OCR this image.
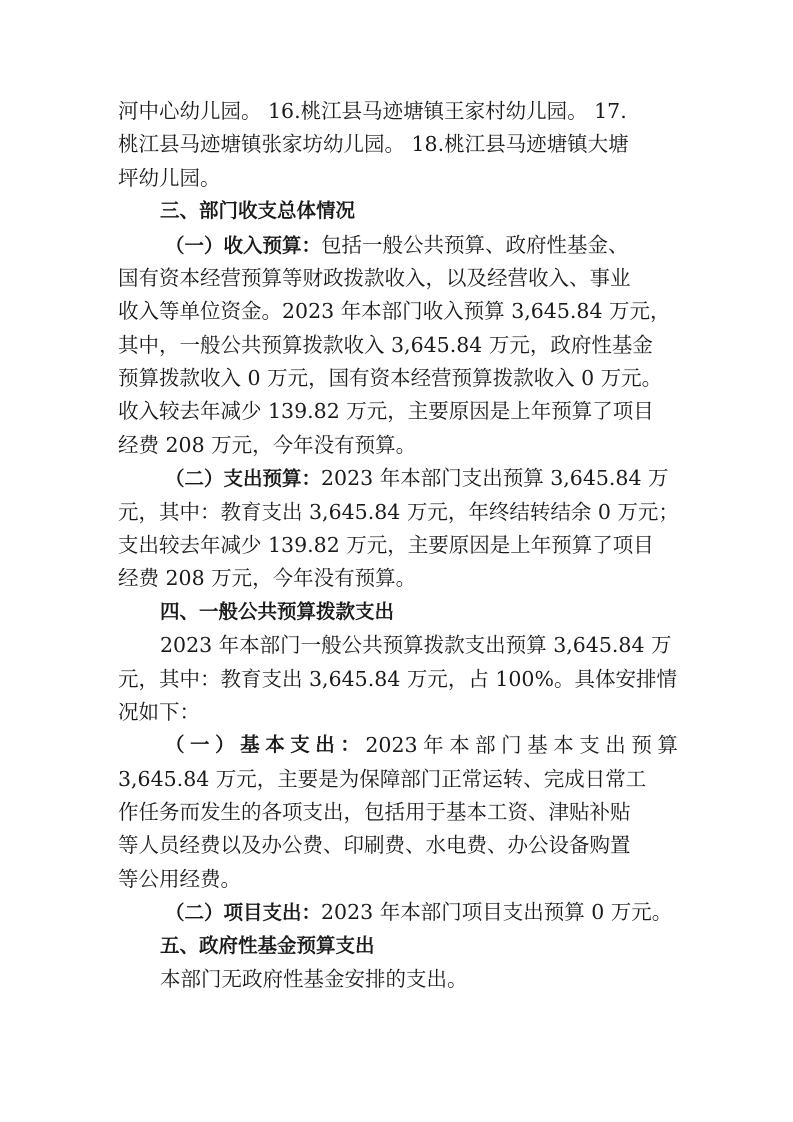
河中心幼儿园。 16.桃江县马迹塘镇王家村幼儿园。 17.
桃江县马迹塘镇张家坊幼儿园。 18.桃江县马迹塘镇大塘
坪幼儿园。
三、部门收支总体情况
（一）收入预算：包括一般公共预算、政府性基金、
国有资本经营预算等财政拨款收入，以及经营收入、事业
收入等单位资金。2023 年本部门收入预算 3,645.84 万元，
其中，一般公共预算拨款收入 3,645.84 万元，政府性基金
预算拨款收入 0 万元，国有资本经营预算拨款收入 0 万元。
收入较去年减少 139.82 万元，主要原因是上年预算了项目
经费 208 万元，今年没有预算。
（二）支出预算：2023 年本部门支出预算 3,645.84 万
元，其中：教育支出 3,645.84 万元，年终结转结余 0 万元；
支出较去年减少 139.82 万元，主要原因是上年预算了项目
经费 208 万元，今年没有预算。
四、一般公共预算拨款支出
2023 年本部门一般公共预算拨款支出预算 3,645.84 万
元，其中：教育支出 3,645.84 万元，占 100%。具体安排情
况如下：
（ 一 ） 基 本 支 出 ： 2023 年 本 部 门 基 本 支 出 预 算
3,645.84 万元，主要是为保障部门正常运转、完成日常工
作任务而发生的各项支出，包括用于基本工资、津贴补贴
等人员经费以及办公费、印刷费、水电费、办公设备购置
等公用经费。
（二）项目支出：2023 年本部门项目支出预算 0 万元。
五、政府性基金预算支出
本部门无政府性基金安排的支出。
